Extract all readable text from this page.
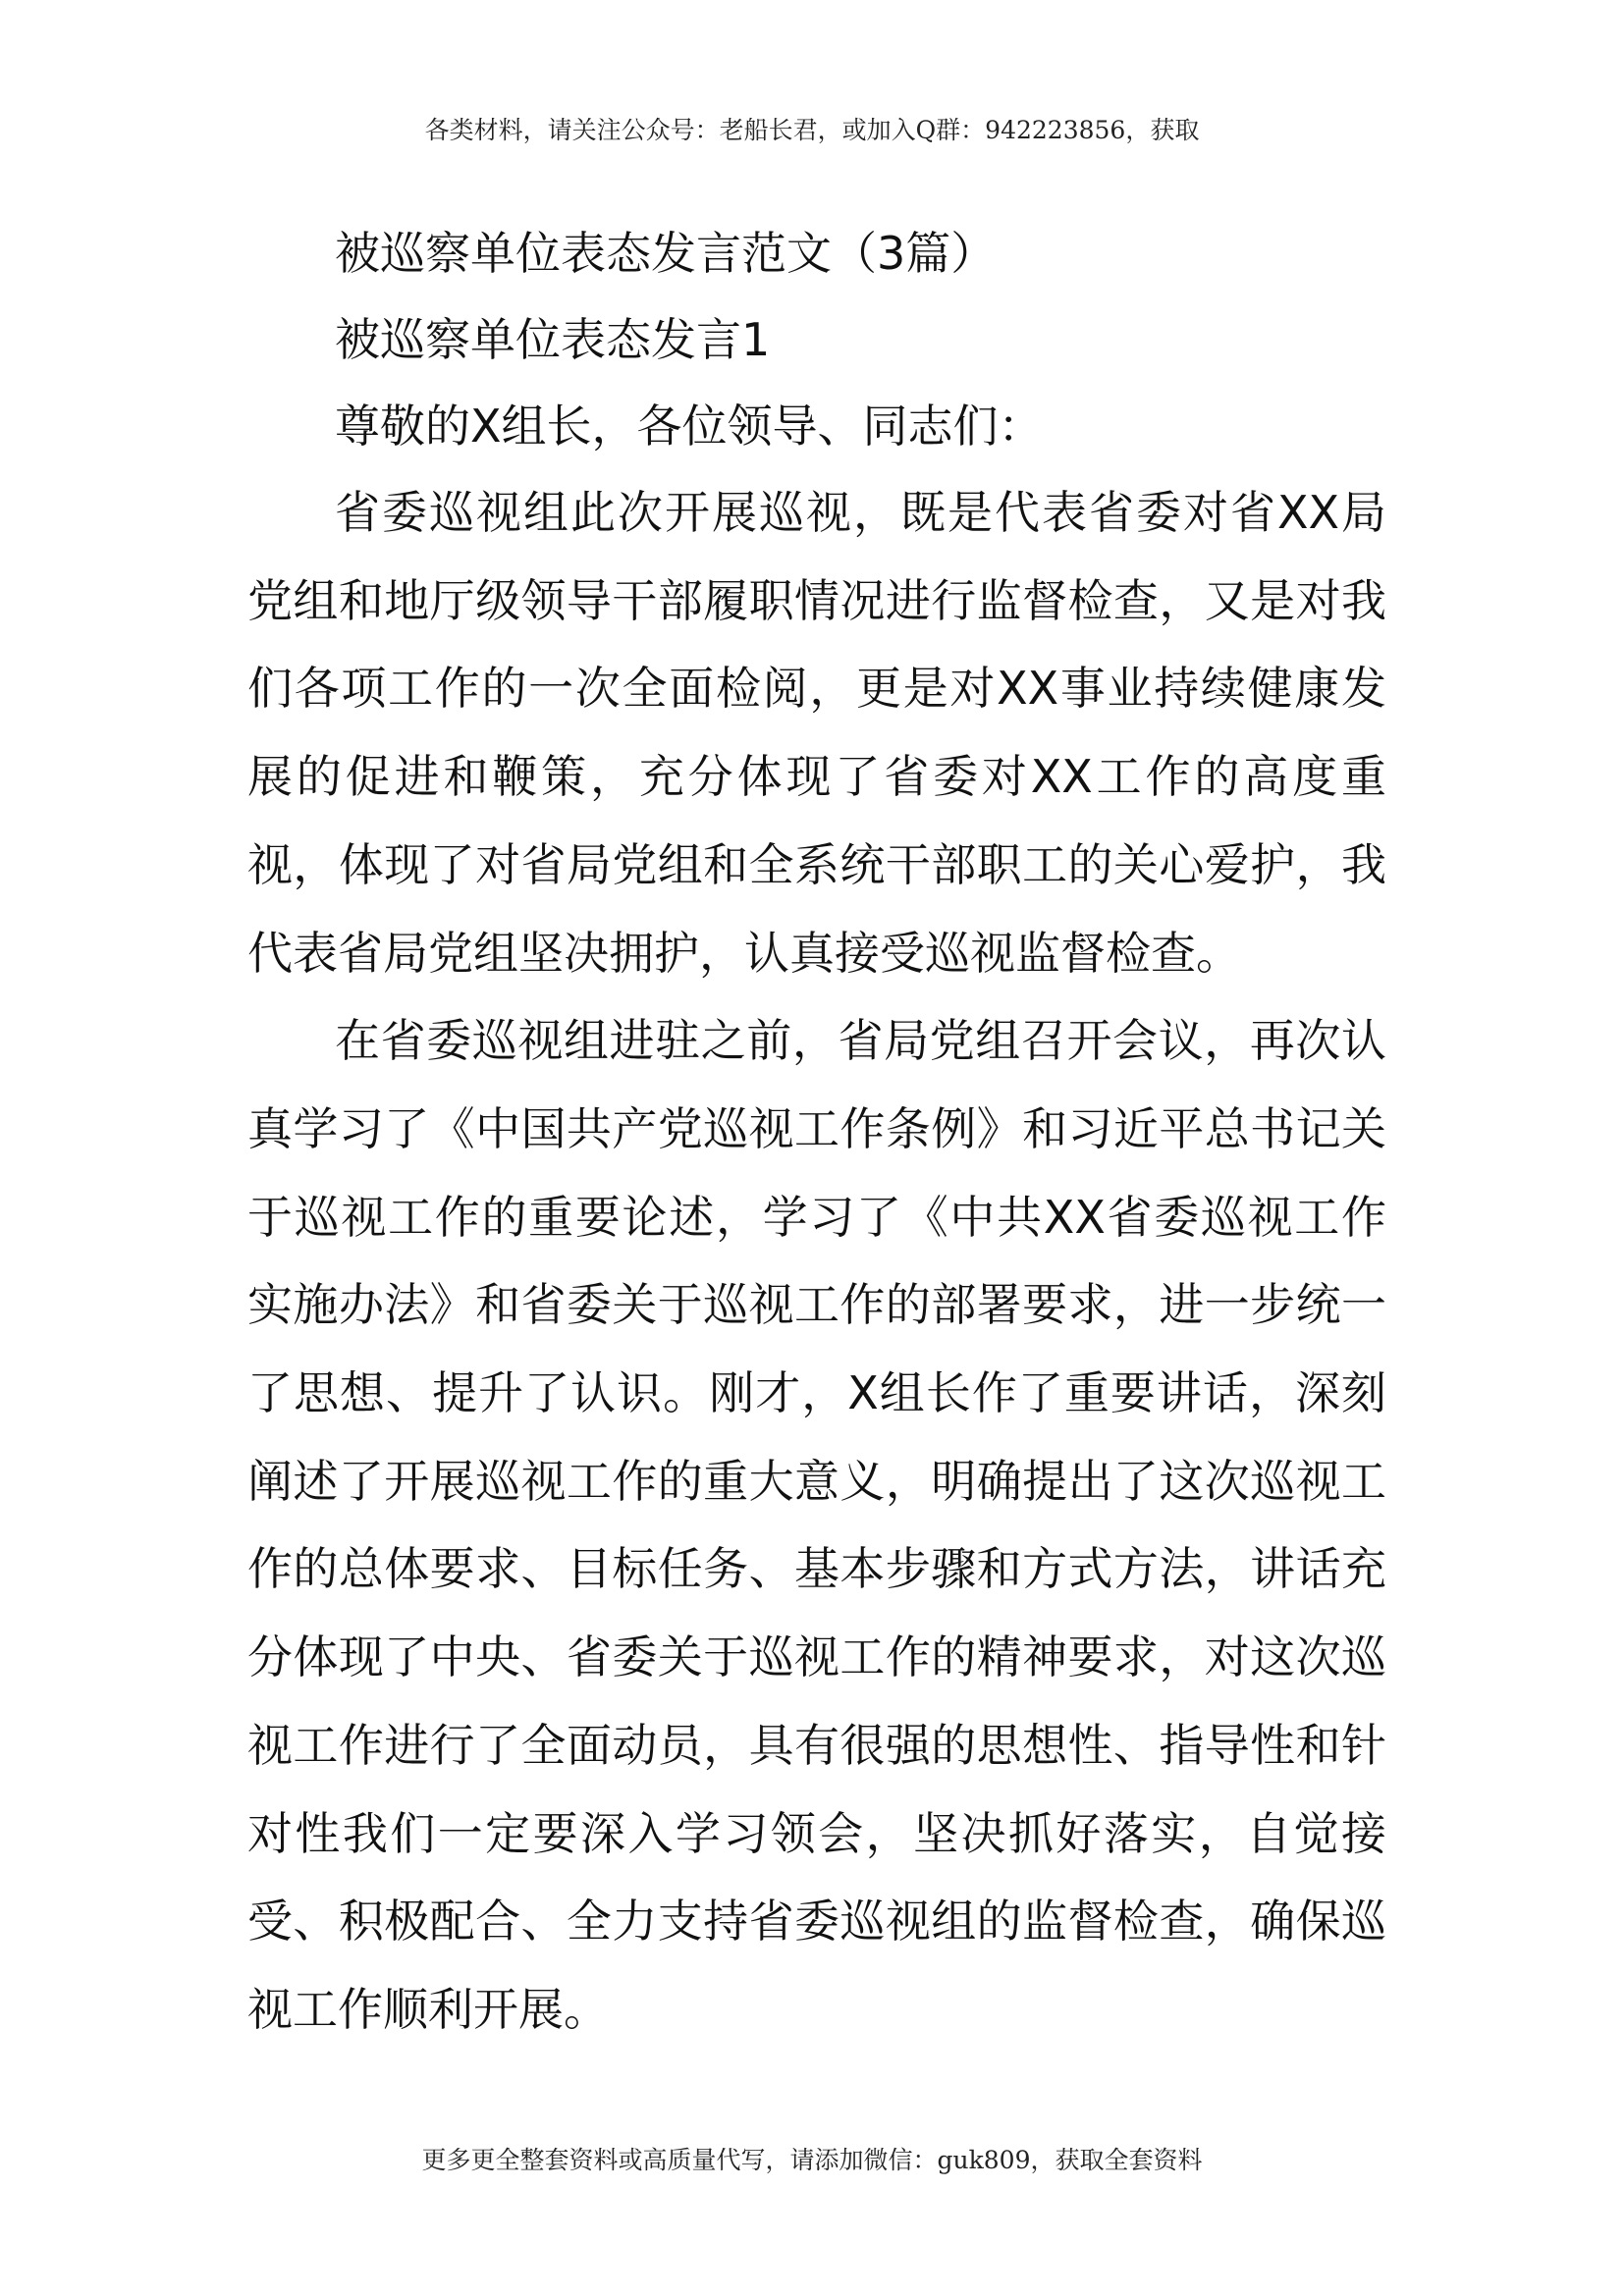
各类材料，请关注公众号：老船长君，或加入Q群：942223856，获取
被巡察单位表态发言范文（3篇）
被巡察单位表态发言1
尊敬的X组长，各位领导、同志们：

省委巡视组此次开展巡视，既是代表省委对省XX局党组和地厅级领导干部履职情况进行监督检查，又是对我们各项工作的一次全面检阅，更是对XX事业持续健康发展的促进和鞭策，充分体现了省委对XX工作的高度重视，体现了对省局党组和全系统干部职工的关心爱护，我代表省局党组坚决拥护，认真接受巡视监督检查。

在省委巡视组进驻之前，省局党组召开会议，再次认真学习了《中国共产党巡视工作条例》和习近平总书记关于巡视工作的重要论述，学习了《中共XX省委巡视工作实施办法》和省委关于巡视工作的部署要求，进一步统一了思想、提升了认识。刚才，X组长作了重要讲话，深刻阐述了开展巡视工作的重大意义，明确提出了这次巡视工作的总体要求、目标任务、基本步骤和方式方法，讲话充分体现了中央、省委关于巡视工作的精神要求，对这次巡视工作进行了全面动员，具有很强的思想性、指导性和针对性我们一定要深入学习领会，坚决抓好落实，自觉接受、积极配合、全力支持省委巡视组的监督检查，确保巡视工作顺利开展。

更多更全整套资料或高质量代写，请添加微信：guk809，获取全套资料
